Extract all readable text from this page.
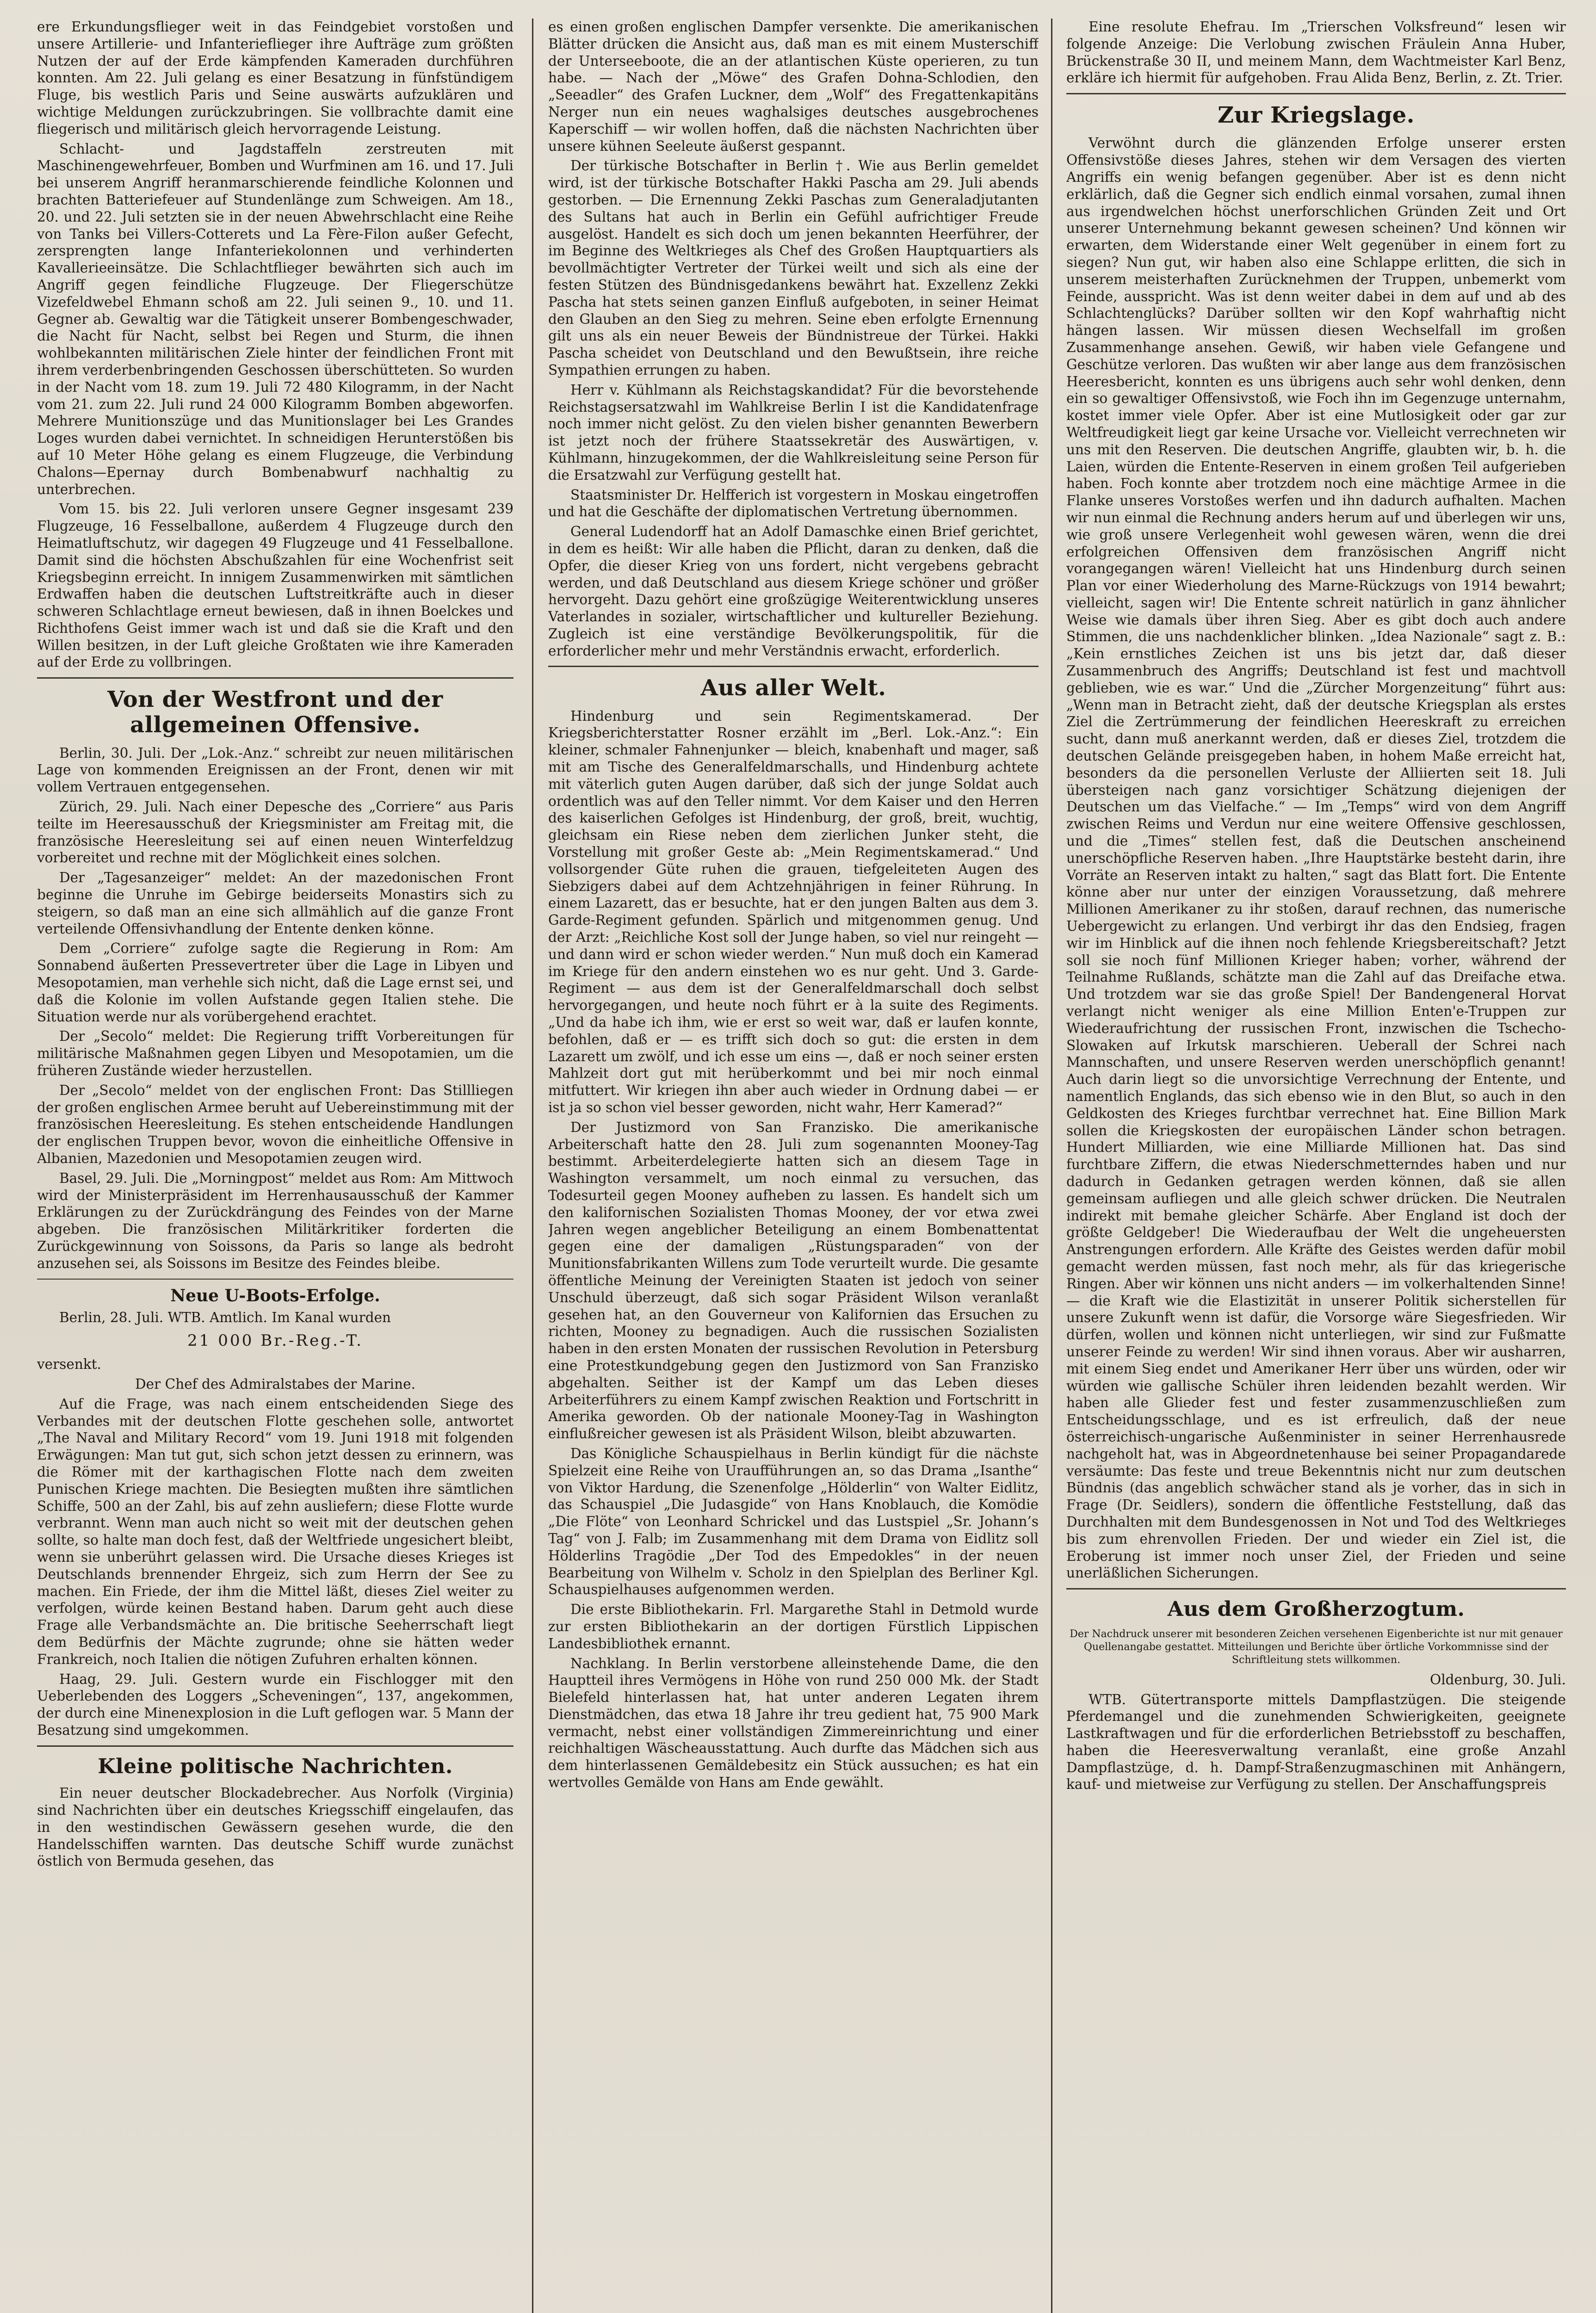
ere Erkundungsflieger weit in das Feindgebiet vorstoßen und unsere Artillerie- und Infanterieflieger ihre Aufträge zum größten Nutzen der auf der Erde kämpfenden Kameraden durchführen konnten. Am 22. Juli gelang es einer Besatzung in fünfstündigem Fluge, bis westlich Paris und Seine auswärts aufzuklären und wichtige Meldungen zurückzubringen. Sie vollbrachte damit eine fliegerisch und militärisch gleich hervorragende Leistung.

Schlacht- und Jagdstaffeln zerstreuten mit Maschinengewehrfeuer, Bomben und Wurfminen am 16. und 17. Juli bei unserem Angriff heranmarschierende feindliche Kolonnen und brachten Batteriefeuer auf Stundenlänge zum Schweigen. Am 18., 20. und 22. Juli setzten sie in der neuen Abwehrschlacht eine Reihe von Tanks bei Villers-Cotterets und La Fère-Filon außer Gefecht, zersprengten lange Infanteriekolonnen und verhinderten Kavallerieeinsätze. Die Schlachtflieger bewährten sich auch im Angriff gegen feindliche Flugzeuge. Der Fliegerschütze Vizefeldwebel Ehmann schoß am 22. Juli seinen 9., 10. und 11. Gegner ab. Gewaltig war die Tätigkeit unserer Bombengeschwader, die Nacht für Nacht, selbst bei Regen und Sturm, die ihnen wohlbekannten militärischen Ziele hinter der feindlichen Front mit ihrem verderbenbringenden Geschossen überschütteten. So wurden in der Nacht vom 18. zum 19. Juli 72 480 Kilogramm, in der Nacht vom 21. zum 22. Juli rund 24 000 Kilogramm Bomben abgeworfen. Mehrere Munitionszüge und das Munitionslager bei Les Grandes Loges wurden dabei vernichtet. In schneidigen Herunterstößen bis auf 10 Meter Höhe gelang es einem Flugzeuge, die Verbindung Chalons—Epernay durch Bombenabwurf nachhaltig zu unterbrechen.

Vom 15. bis 22. Juli verloren unsere Gegner insgesamt 239 Flugzeuge, 16 Fesselballone, außerdem 4 Flugzeuge durch den Heimatluftschutz, wir dagegen 49 Flugzeuge und 41 Fesselballone. Damit sind die höchsten Abschußzahlen für eine Wochenfrist seit Kriegsbeginn erreicht. In innigem Zusammenwirken mit sämtlichen Erdwaffen haben die deutschen Luftstreitkräfte auch in dieser schweren Schlachtlage erneut bewiesen, daß in ihnen Boelckes und Richthofens Geist immer wach ist und daß sie die Kraft und den Willen besitzen, in der Luft gleiche Großtaten wie ihre Kameraden auf der Erde zu vollbringen.

Von der Westfront und der allgemeinen Offensive.

Berlin, 30. Juli. Der „Lok.-Anz.“ schreibt zur neuen militärischen Lage von kommenden Ereignissen an der Front, denen wir mit vollem Vertrauen entgegensehen.

Zürich, 29. Juli. Nach einer Depesche des „Corriere“ aus Paris teilte im Heeresausschuß der Kriegsminister am Freitag mit, die französische Heeresleitung sei auf einen neuen Winterfeldzug vorbereitet und rechne mit der Möglichkeit eines solchen.

Der „Tagesanzeiger“ meldet: An der mazedonischen Front beginne die Unruhe im Gebirge beiderseits Monastirs sich zu steigern, so daß man an eine sich allmählich auf die ganze Front verteilende Offensivhandlung der Entente denken könne.

Dem „Corriere“ zufolge sagte die Regierung in Rom: Am Sonnabend äußerten Pressevertreter über die Lage in Libyen und Mesopotamien, man verhehle sich nicht, daß die Lage ernst sei, und daß die Kolonie im vollen Aufstande gegen Italien stehe. Die Situation werde nur als vorübergehend erachtet.

Der „Secolo“ meldet: Die Regierung trifft Vorbereitungen für militärische Maßnahmen gegen Libyen und Mesopotamien, um die früheren Zustände wieder herzustellen.

Der „Secolo“ meldet von der englischen Front: Das Stillliegen der großen englischen Armee beruht auf Uebereinstimmung mit der französischen Heeresleitung. Es stehen entscheidende Handlungen der englischen Truppen bevor, wovon die einheitliche Offensive in Albanien, Mazedonien und Mesopotamien zeugen wird.

Basel, 29. Juli. Die „Morningpost“ meldet aus Rom: Am Mittwoch wird der Ministerpräsident im Herrenhausausschuß der Kammer Erklärungen zu der Zurückdrängung des Feindes von der Marne abgeben. Die französischen Militärkritiker forderten die Zurückgewinnung von Soissons, da Paris so lange als bedroht anzusehen sei, als Soissons im Besitze des Feindes bleibe.

Neue U-Boots-Erfolge.

Berlin, 28. Juli. WTB. Amtlich. Im Kanal wurden

21 000 Br.-Reg.-T.

versenkt.

Der Chef des Admiralstabes der Marine.

Auf die Frage, was nach einem entscheidenden Siege des Verbandes mit der deutschen Flotte geschehen solle, antwortet „The Naval and Military Record“ vom 19. Juni 1918 mit folgenden Erwägungen: Man tut gut, sich schon jetzt dessen zu erinnern, was die Römer mit der karthagischen Flotte nach dem zweiten Punischen Kriege machten. Die Besiegten mußten ihre sämtlichen Schiffe, 500 an der Zahl, bis auf zehn ausliefern; diese Flotte wurde verbrannt. Wenn man auch nicht so weit mit der deutschen gehen sollte, so halte man doch fest, daß der Weltfriede ungesichert bleibt, wenn sie unberührt gelassen wird. Die Ursache dieses Krieges ist Deutschlands brennender Ehrgeiz, sich zum Herrn der See zu machen. Ein Friede, der ihm die Mittel läßt, dieses Ziel weiter zu verfolgen, würde keinen Bestand haben. Darum geht auch diese Frage alle Verbandsmächte an. Die britische Seeherrschaft liegt dem Bedürfnis der Mächte zugrunde; ohne sie hätten weder Frankreich, noch Italien die nötigen Zufuhren erhalten können.

Haag, 29. Juli. Gestern wurde ein Fischlogger mit den Ueberlebenden des Loggers „Scheveningen“, 137, angekommen, der durch eine Minenexplosion in die Luft geflogen war. 5 Mann der Besatzung sind umgekommen.

Kleine politische Nachrichten.

Ein neuer deutscher Blockadebrecher. Aus Norfolk (Virginia) sind Nachrichten über ein deutsches Kriegsschiff eingelaufen, das in den westindischen Gewässern gesehen wurde, die den Handelsschiffen warnten. Das deutsche Schiff wurde zunächst östlich von Bermuda gesehen, das

es einen großen englischen Dampfer versenkte. Die amerikanischen Blätter drücken die Ansicht aus, daß man es mit einem Musterschiff der Unterseeboote, die an der atlantischen Küste operieren, zu tun habe. — Nach der „Möwe“ des Grafen Dohna-Schlodien, den „Seeadler“ des Grafen Luckner, dem „Wolf“ des Fregattenkapitäns Nerger nun ein neues waghalsiges deutsches ausgebrochenes Kaperschiff — wir wollen hoffen, daß die nächsten Nachrichten über unsere kühnen Seeleute äußerst gespannt.

Der türkische Botschafter in Berlin †. Wie aus Berlin gemeldet wird, ist der türkische Botschafter Hakki Pascha am 29. Juli abends gestorben. — Die Ernennung Zekki Paschas zum Generaladjutanten des Sultans hat auch in Berlin ein Gefühl aufrichtiger Freude ausgelöst. Handelt es sich doch um jenen bekannten Heerführer, der im Beginne des Weltkrieges als Chef des Großen Hauptquartiers als bevollmächtigter Vertreter der Türkei weilt und sich als eine der festen Stützen des Bündnisgedankens bewährt hat. Exzellenz Zekki Pascha hat stets seinen ganzen Einfluß aufgeboten, in seiner Heimat den Glauben an den Sieg zu mehren. Seine eben erfolgte Ernennung gilt uns als ein neuer Beweis der Bündnistreue der Türkei. Hakki Pascha scheidet von Deutschland und den Bewußtsein, ihre reiche Sympathien errungen zu haben.

Herr v. Kühlmann als Reichstagskandidat? Für die bevorstehende Reichstagsersatzwahl im Wahlkreise Berlin I ist die Kandidatenfrage noch immer nicht gelöst. Zu den vielen bisher genannten Bewerbern ist jetzt noch der frühere Staatssekretär des Auswärtigen, v. Kühlmann, hinzugekommen, der die Wahlkreisleitung seine Person für die Ersatzwahl zur Verfügung gestellt hat.

Staatsminister Dr. Helfferich ist vorgestern in Moskau eingetroffen und hat die Geschäfte der diplomatischen Vertretung übernommen.

General Ludendorff hat an Adolf Damaschke einen Brief gerichtet, in dem es heißt: Wir alle haben die Pflicht, daran zu denken, daß die Opfer, die dieser Krieg von uns fordert, nicht vergebens gebracht werden, und daß Deutschland aus diesem Kriege schöner und größer hervorgeht. Dazu gehört eine großzügige Weiterentwicklung unseres Vaterlandes in sozialer, wirtschaftlicher und kultureller Beziehung. Zugleich ist eine verständige Bevölkerungspolitik, für die erforderlicher mehr und mehr Verständnis erwacht, erforderlich.

Aus aller Welt.

Hindenburg und sein Regimentskamerad. Der Kriegsberichterstatter Rosner erzählt im „Berl. Lok.-Anz.“: Ein kleiner, schmaler Fahnenjunker — bleich, knabenhaft und mager, saß mit am Tische des Generalfeldmarschalls, und Hindenburg achtete mit väterlich guten Augen darüber, daß sich der junge Soldat auch ordentlich was auf den Teller nimmt. Vor dem Kaiser und den Herren des kaiserlichen Gefolges ist Hindenburg, der groß, breit, wuchtig, gleichsam ein Riese neben dem zierlichen Junker steht, die Vorstellung mit großer Geste ab: „Mein Regimentskamerad.“ Und vollsorgender Güte ruhen die grauen, tiefgeleiteten Augen des Siebzigers dabei auf dem Achtzehnjährigen in feiner Rührung. In einem Lazarett, das er besuchte, hat er den jungen Balten aus dem 3. Garde-Regiment gefunden. Spärlich und mitgenommen genug. Und der Arzt: „Reichliche Kost soll der Junge haben, so viel nur reingeht — und dann wird er schon wieder werden.“ Nun muß doch ein Kamerad im Kriege für den andern einstehen wo es nur geht. Und 3. Garde-Regiment — aus dem ist der Generalfeldmarschall doch selbst hervorgegangen, und heute noch führt er à la suite des Regiments. „Und da habe ich ihm, wie er erst so weit war, daß er laufen konnte, befohlen, daß er — es trifft sich doch so gut: die ersten in dem Lazarett um zwölf, und ich esse um eins —, daß er noch seiner ersten Mahlzeit dort gut mit herüberkommt und bei mir noch einmal mitfuttert. Wir kriegen ihn aber auch wieder in Ordnung dabei — er ist ja so schon viel besser geworden, nicht wahr, Herr Kamerad?“

Der Justizmord von San Franzisko. Die amerikanische Arbeiterschaft hatte den 28. Juli zum sogenannten Mooney-Tag bestimmt. Arbeiterdelegierte hatten sich an diesem Tage in Washington versammelt, um noch einmal zu versuchen, das Todesurteil gegen Mooney aufheben zu lassen. Es handelt sich um den kalifornischen Sozialisten Thomas Mooney, der vor etwa zwei Jahren wegen angeblicher Beteiligung an einem Bombenattentat gegen eine der damaligen „Rüstungsparaden“ von der Munitionsfabrikanten Willens zum Tode verurteilt wurde. Die gesamte öffentliche Meinung der Vereinigten Staaten ist jedoch von seiner Unschuld überzeugt, daß sich sogar Präsident Wilson veranlaßt gesehen hat, an den Gouverneur von Kalifornien das Ersuchen zu richten, Mooney zu begnadigen. Auch die russischen Sozialisten haben in den ersten Monaten der russischen Revolution in Petersburg eine Protestkundgebung gegen den Justizmord von San Franzisko abgehalten. Seither ist der Kampf um das Leben dieses Arbeiterführers zu einem Kampf zwischen Reaktion und Fortschritt in Amerika geworden. Ob der nationale Mooney-Tag in Washington einflußreicher gewesen ist als Präsident Wilson, bleibt abzuwarten.

Das Königliche Schauspielhaus in Berlin kündigt für die nächste Spielzeit eine Reihe von Uraufführungen an, so das Drama „Isanthe“ von Viktor Hardung, die Szenenfolge „Hölderlin“ von Walter Eidlitz, das Schauspiel „Die Judasgide“ von Hans Knoblauch, die Komödie „Die Flöte“ von Leonhard Schrickel und das Lustspiel „Sr. Johann’s Tag“ von J. Falb; im Zusammenhang mit dem Drama von Eidlitz soll Hölderlins Tragödie „Der Tod des Empedokles“ in der neuen Bearbeitung von Wilhelm v. Scholz in den Spielplan des Berliner Kgl. Schauspielhauses aufgenommen werden.

Die erste Bibliothekarin. Frl. Margarethe Stahl in Detmold wurde zur ersten Bibliothekarin an der dortigen Fürstlich Lippischen Landesbibliothek ernannt.

Nachklang. In Berlin verstorbene alleinstehende Dame, die den Hauptteil ihres Vermögens in Höhe von rund 250 000 Mk. der Stadt Bielefeld hinterlassen hat, hat unter anderen Legaten ihrem Dienstmädchen, das etwa 18 Jahre ihr treu gedient hat, 75 900 Mark vermacht, nebst einer vollständigen Zimmereinrichtung und einer reichhaltigen Wäscheausstattung. Auch durfte das Mädchen sich aus dem hinterlassenen Gemäldebesitz ein Stück aussuchen; es hat ein wertvolles Gemälde von Hans am Ende gewählt.

Eine resolute Ehefrau. Im „Trierschen Volksfreund“ lesen wir folgende Anzeige: Die Verlobung zwischen Fräulein Anna Huber, Brückenstraße 30 II, und meinem Mann, dem Wachtmeister Karl Benz, erkläre ich hiermit für aufgehoben. Frau Alida Benz, Berlin, z. Zt. Trier.

Zur Kriegslage.

Verwöhnt durch die glänzenden Erfolge unserer ersten Offensivstöße dieses Jahres, stehen wir dem Versagen des vierten Angriffs ein wenig befangen gegenüber. Aber ist es denn nicht erklärlich, daß die Gegner sich endlich einmal vorsahen, zumal ihnen aus irgendwelchen höchst unerforschlichen Gründen Zeit und Ort unserer Unternehmung bekannt gewesen scheinen? Und können wir erwarten, dem Widerstande einer Welt gegenüber in einem fort zu siegen? Nun gut, wir haben also eine Schlappe erlitten, die sich in unserem meisterhaften Zurücknehmen der Truppen, unbemerkt vom Feinde, ausspricht. Was ist denn weiter dabei in dem auf und ab des Schlachtenglücks? Darüber sollten wir den Kopf wahrhaftig nicht hängen lassen. Wir müssen diesen Wechselfall im großen Zusammenhange ansehen. Gewiß, wir haben viele Gefangene und Geschütze verloren. Das wußten wir aber lange aus dem französischen Heeresbericht, konnten es uns übrigens auch sehr wohl denken, denn ein so gewaltiger Offensivstoß, wie Foch ihn im Gegenzuge unternahm, kostet immer viele Opfer. Aber ist eine Mutlosigkeit oder gar zur Weltfreudigkeit liegt gar keine Ursache vor. Vielleicht verrechneten wir uns mit den Reserven. Die deutschen Angriffe, glaubten wir, b. h. die Laien, würden die Entente-Reserven in einem großen Teil aufgerieben haben. Foch konnte aber trotzdem noch eine mächtige Armee in die Flanke unseres Vorstoßes werfen und ihn dadurch aufhalten. Machen wir nun einmal die Rechnung anders herum auf und überlegen wir uns, wie groß unsere Verlegenheit wohl gewesen wären, wenn die drei erfolgreichen Offensiven dem französischen Angriff nicht vorangegangen wären! Vielleicht hat uns Hindenburg durch seinen Plan vor einer Wiederholung des Marne-Rückzugs von 1914 bewahrt; vielleicht, sagen wir! Die Entente schreit natürlich in ganz ähnlicher Weise wie damals über ihren Sieg. Aber es gibt doch auch andere Stimmen, die uns nachdenklicher blinken. „Idea Nazionale“ sagt z. B.: „Kein ernstliches Zeichen ist uns bis jetzt dar, daß dieser Zusammenbruch des Angriffs; Deutschland ist fest und machtvoll geblieben, wie es war.“ Und die „Zürcher Morgenzeitung“ führt aus: „Wenn man in Betracht zieht, daß der deutsche Kriegsplan als erstes Ziel die Zertrümmerung der feindlichen Heereskraft zu erreichen sucht, dann muß anerkannt werden, daß er dieses Ziel, trotzdem die deutschen Gelände preisgegeben haben, in hohem Maße erreicht hat, besonders da die personellen Verluste der Alliierten seit 18. Juli übersteigen nach ganz vorsichtiger Schätzung diejenigen der Deutschen um das Vielfache.“ — Im „Temps“ wird von dem Angriff zwischen Reims und Verdun nur eine weitere Offensive geschlossen, und die „Times“ stellen fest, daß die Deutschen anscheinend unerschöpfliche Reserven haben. „Ihre Hauptstärke besteht darin, ihre Vorräte an Reserven intakt zu halten,“ sagt das Blatt fort. Die Entente könne aber nur unter der einzigen Voraussetzung, daß mehrere Millionen Amerikaner zu ihr stoßen, darauf rechnen, das numerische Uebergewicht zu erlangen. Und verbirgt ihr das den Endsieg, fragen wir im Hinblick auf die ihnen noch fehlende Kriegsbereitschaft? Jetzt soll sie noch fünf Millionen Krieger haben; vorher, während der Teilnahme Rußlands, schätzte man die Zahl auf das Dreifache etwa. Und trotzdem war sie das große Spiel! Der Bandengeneral Horvat verlangt nicht weniger als eine Million Enten'e-Truppen zur Wiederaufrichtung der russischen Front, inzwischen die Tschecho-Slowaken auf Irkutsk marschieren. Ueberall der Schrei nach Mannschaften, und unsere Reserven werden unerschöpflich genannt! Auch darin liegt so die unvorsichtige Verrechnung der Entente, und namentlich Englands, das sich ebenso wie in den Blut, so auch in den Geldkosten des Krieges furchtbar verrechnet hat. Eine Billion Mark sollen die Kriegskosten der europäischen Länder schon betragen. Hundert Milliarden, wie eine Milliarde Millionen hat. Das sind furchtbare Ziffern, die etwas Niederschmetterndes haben und nur dadurch in Gedanken getragen werden können, daß sie allen gemeinsam aufliegen und alle gleich schwer drücken. Die Neutralen indirekt mit bemahe gleicher Schärfe. Aber England ist doch der größte Geldgeber! Die Wiederaufbau der Welt die ungeheuersten Anstrengungen erfordern. Alle Kräfte des Geistes werden dafür mobil gemacht werden müssen, fast noch mehr, als für das kriegerische Ringen. Aber wir können uns nicht anders — im volkerhaltenden Sinne! — die Kraft wie die Elastizität in unserer Politik sicherstellen für unsere Zukunft wenn ist dafür, die Vorsorge wäre Siegesfrieden. Wir dürfen, wollen und können nicht unterliegen, wir sind zur Fußmatte unserer Feinde zu werden! Wir sind ihnen voraus. Aber wir ausharren, mit einem Sieg endet und Amerikaner Herr über uns würden, oder wir würden wie gallische Schüler ihren leidenden bezahlt werden. Wir haben alle Glieder fest und fester zusammenzuschließen zum Entscheidungsschlage, und es ist erfreulich, daß der neue österreichisch-ungarische Außenminister in seiner Herrenhausrede nachgeholt hat, was in Abgeordnetenhause bei seiner Propagandarede versäumte: Das feste und treue Bekenntnis nicht nur zum deutschen Bündnis (das angeblich schwächer stand als je vorher, das in sich in Frage (Dr. Seidlers), sondern die öffentliche Feststellung, daß das Durchhalten mit dem Bundesgenossen in Not und Tod des Weltkrieges bis zum ehrenvollen Frieden. Der und wieder ein Ziel ist, die Eroberung ist immer noch unser Ziel, der Frieden und seine unerläßlichen Sicherungen.

Aus dem Großherzogtum.

Der Nachdruck unserer mit besonderen Zeichen versehenen Eigenberichte ist nur mit genauer Quellenangabe gestattet. Mitteilungen und Berichte über örtliche Vorkommnisse sind der Schriftleitung stets willkommen.

Oldenburg, 30. Juli.

WTB. Gütertransporte mittels Dampflastzügen. Die steigende Pferdemangel und die zunehmenden Schwierigkeiten, geeignete Lastkraftwagen und für die erforderlichen Betriebsstoff zu beschaffen, haben die Heeresverwaltung veranlaßt, eine große Anzahl Dampflastzüge, d. h. Dampf-Straßenzugmaschinen mit Anhängern, kauf- und mietweise zur Verfügung zu stellen. Der Anschaffungspreis
